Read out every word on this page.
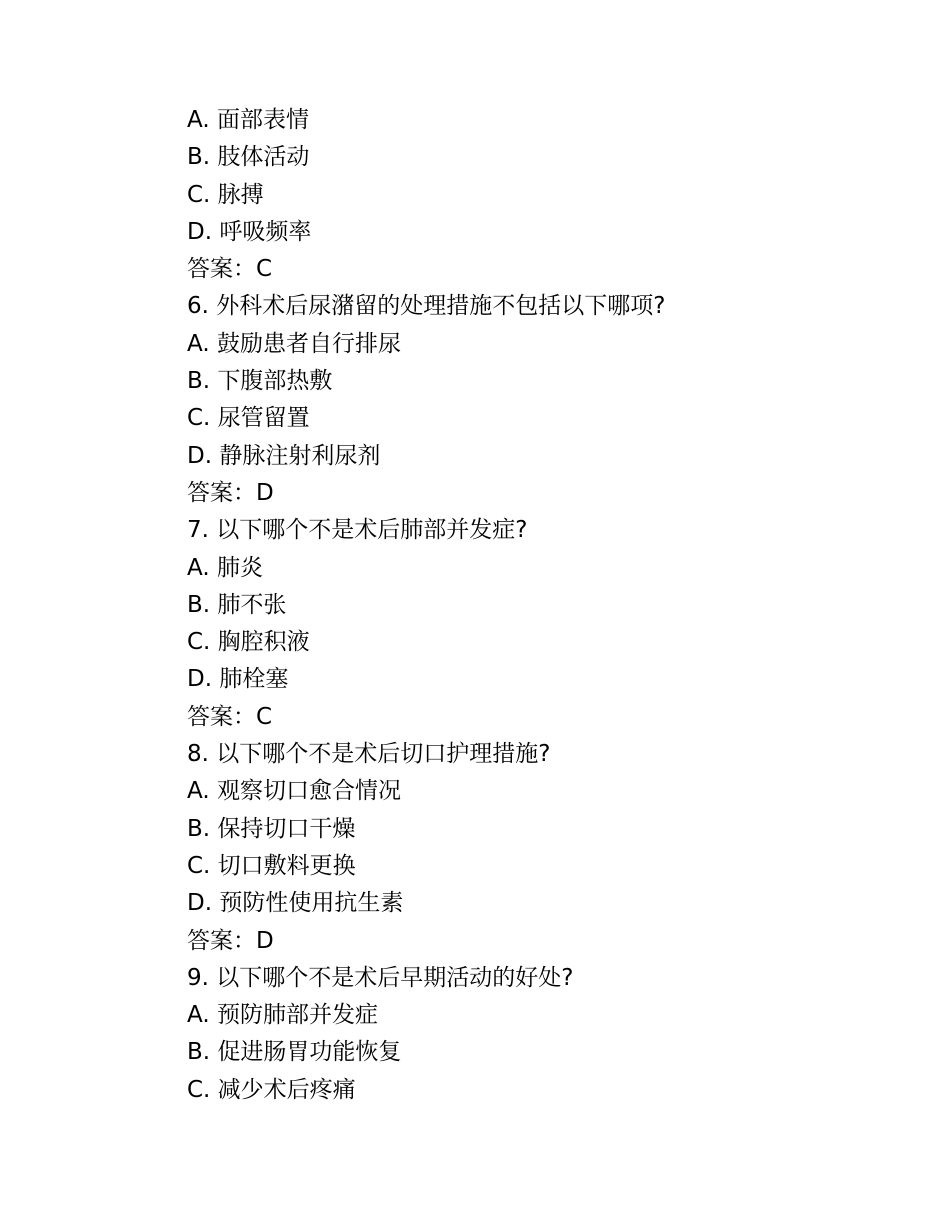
A. 面部表情
B. 肢体活动
C. 脉搏
D. 呼吸频率
答案：C
6. 外科术后尿潴留的处理措施不包括以下哪项?
A. 鼓励患者自行排尿
B. 下腹部热敷
C. 尿管留置
D. 静脉注射利尿剂
答案：D
7. 以下哪个不是术后肺部并发症?
A. 肺炎
B. 肺不张
C. 胸腔积液
D. 肺栓塞
答案：C
8. 以下哪个不是术后切口护理措施?
A. 观察切口愈合情况
B. 保持切口干燥
C. 切口敷料更换
D. 预防性使用抗生素
答案：D
9. 以下哪个不是术后早期活动的好处?
A. 预防肺部并发症
B. 促进肠胃功能恢复
C. 减少术后疼痛
